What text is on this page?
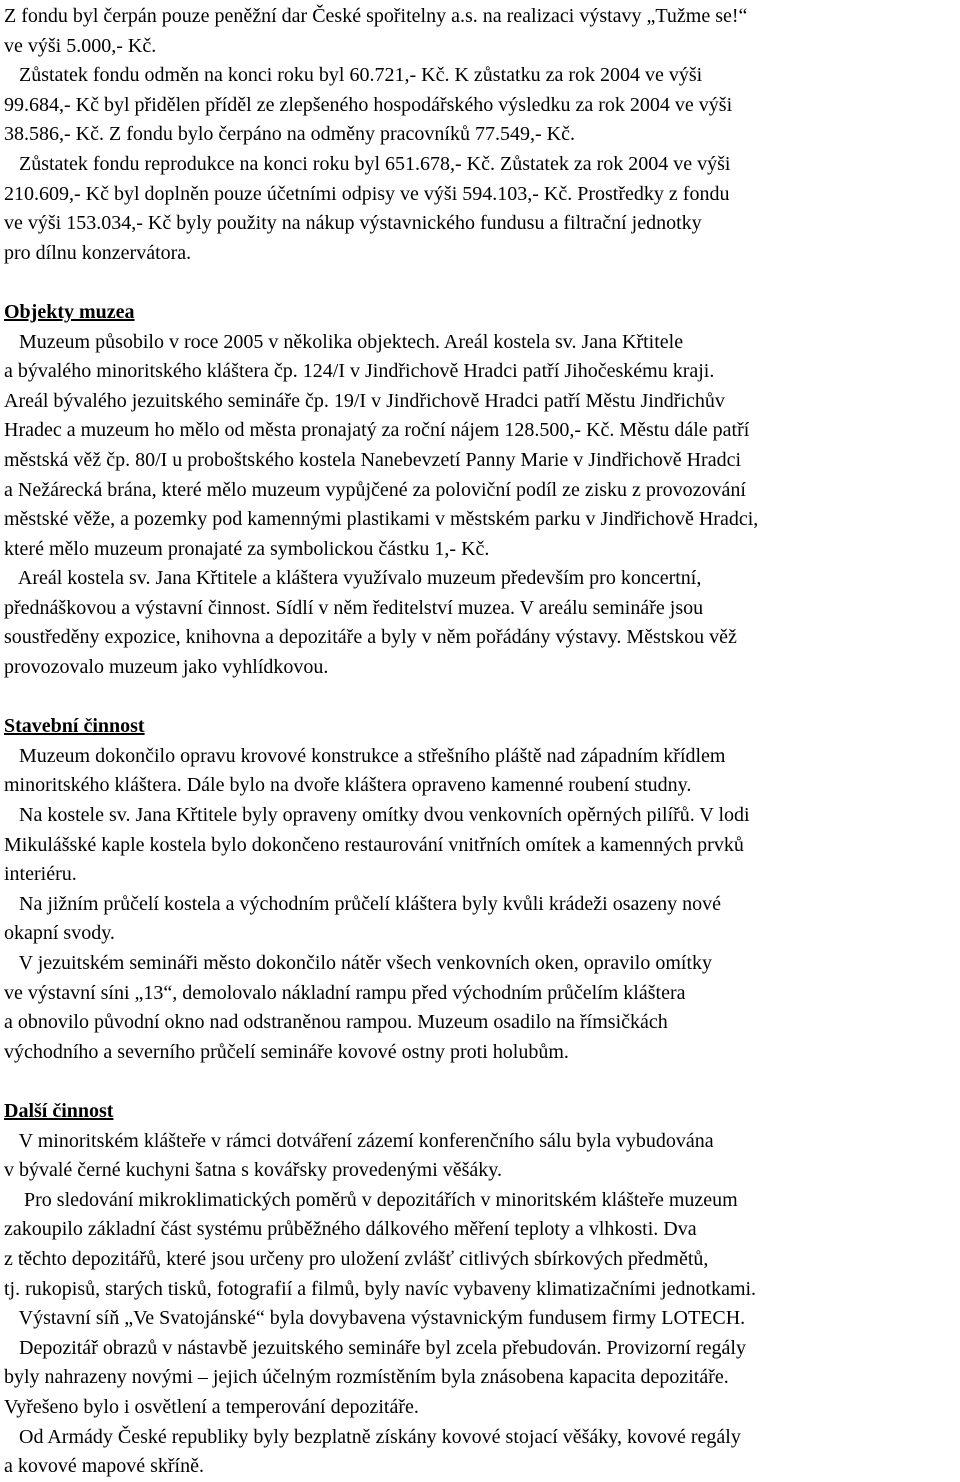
Z fondu byl čerpán pouze peněžní dar České spořitelny a.s. na realizaci výstavy „Tužme se!“
ve výši 5.000,- Kč.
Zůstatek fondu odměn na konci roku byl 60.721,- Kč. K zůstatku za rok 2004 ve výši
99.684,- Kč byl přidělen příděl ze zlepšeného hospodářského výsledku za rok 2004 ve výši
38.586,- Kč. Z fondu bylo čerpáno na odměny pracovníků 77.549,- Kč.
Zůstatek fondu reprodukce na konci roku byl 651.678,- Kč. Zůstatek za rok 2004 ve výši
210.609,- Kč byl doplněn pouze účetními odpisy ve výši 594.103,- Kč. Prostředky z fondu
ve výši 153.034,- Kč byly použity na nákup výstavnického fundusu a filtrační jednotky
pro dílnu konzervátora.
Objekty muzea
Muzeum působilo v roce 2005 v několika objektech. Areál kostela sv. Jana Křtitele
a bývalého minoritského kláštera čp. 124/I v Jindřichově Hradci patří Jihočeskému kraji.
Areál bývalého jezuitského semináře čp. 19/I v Jindřichově Hradci patří Městu Jindřichův
Hradec a muzeum ho mělo od města pronajatý za roční nájem 128.500,- Kč. Městu dále patří
městská věž čp. 80/I u proboštského kostela Nanebevzetí Panny Marie v Jindřichově Hradci
a Nežárecká brána, které mělo muzeum vypůjčené za poloviční podíl ze zisku z provozování
městské věže, a pozemky pod kamennými plastikami v městském parku v Jindřichově Hradci,
které mělo muzeum pronajaté za symbolickou částku 1,- Kč.
Areál kostela sv. Jana Křtitele a kláštera využívalo muzeum především pro koncertní,
přednáškovou a výstavní činnost. Sídlí v něm ředitelství muzea. V areálu semináře jsou
soustředěny expozice, knihovna a depozitáře a byly v něm pořádány výstavy. Městskou věž
provozovalo muzeum jako vyhlídkovou.
Stavební činnost
Muzeum dokončilo opravu krovové konstrukce a střešního pláště nad západním křídlem
minoritského kláštera. Dále bylo na dvoře kláštera opraveno kamenné roubení studny.
Na kostele sv. Jana Křtitele byly opraveny omítky dvou venkovních opěrných pilířů. V lodi
Mikulášské kaple kostela bylo dokončeno restaurování vnitřních omítek a kamenných prvků
interiéru.
Na jižním průčelí kostela a východním průčelí kláštera byly kvůli krádeži osazeny nové
okapní svody.
V jezuitském semináři město dokončilo nátěr všech venkovních oken, opravilo omítky
ve výstavní síni „13“, demolovalo nákladní rampu před východním průčelím kláštera
a obnovilo původní okno nad odstraněnou rampou. Muzeum osadilo na římsičkách
východního a severního průčelí semináře kovové ostny proti holubům.
Další činnost
V minoritském klášteře v rámci dotváření zázemí konferenčního sálu byla vybudována
v bývalé černé kuchyni šatna s kovářsky provedenými věšáky.
Pro sledování mikroklimatických poměrů v depozitářích v minoritském klášteře muzeum
zakoupilo základní část systému průběžného dálkového měření teploty a vlhkosti. Dva
z těchto depozitářů, které jsou určeny pro uložení zvlášť citlivých sbírkových předmětů,
tj. rukopisů, starých tisků, fotografií a filmů, byly navíc vybaveny klimatizačními jednotkami.
Výstavní síň „Ve Svatojánské“ byla dovybavena výstavnickým fundusem firmy LOTECH.
Depozitář obrazů v nástavbě jezuitského semináře byl zcela přebudován. Provizorní regály
byly nahrazeny novými – jejich účelným rozmístěním byla znásobena kapacita depozitáře.
Vyřešeno bylo i osvětlení a temperování depozitáře.
Od Armády České republiky byly bezplatně získány kovové stojací věšáky, kovové regály
a kovové mapové skříně.
